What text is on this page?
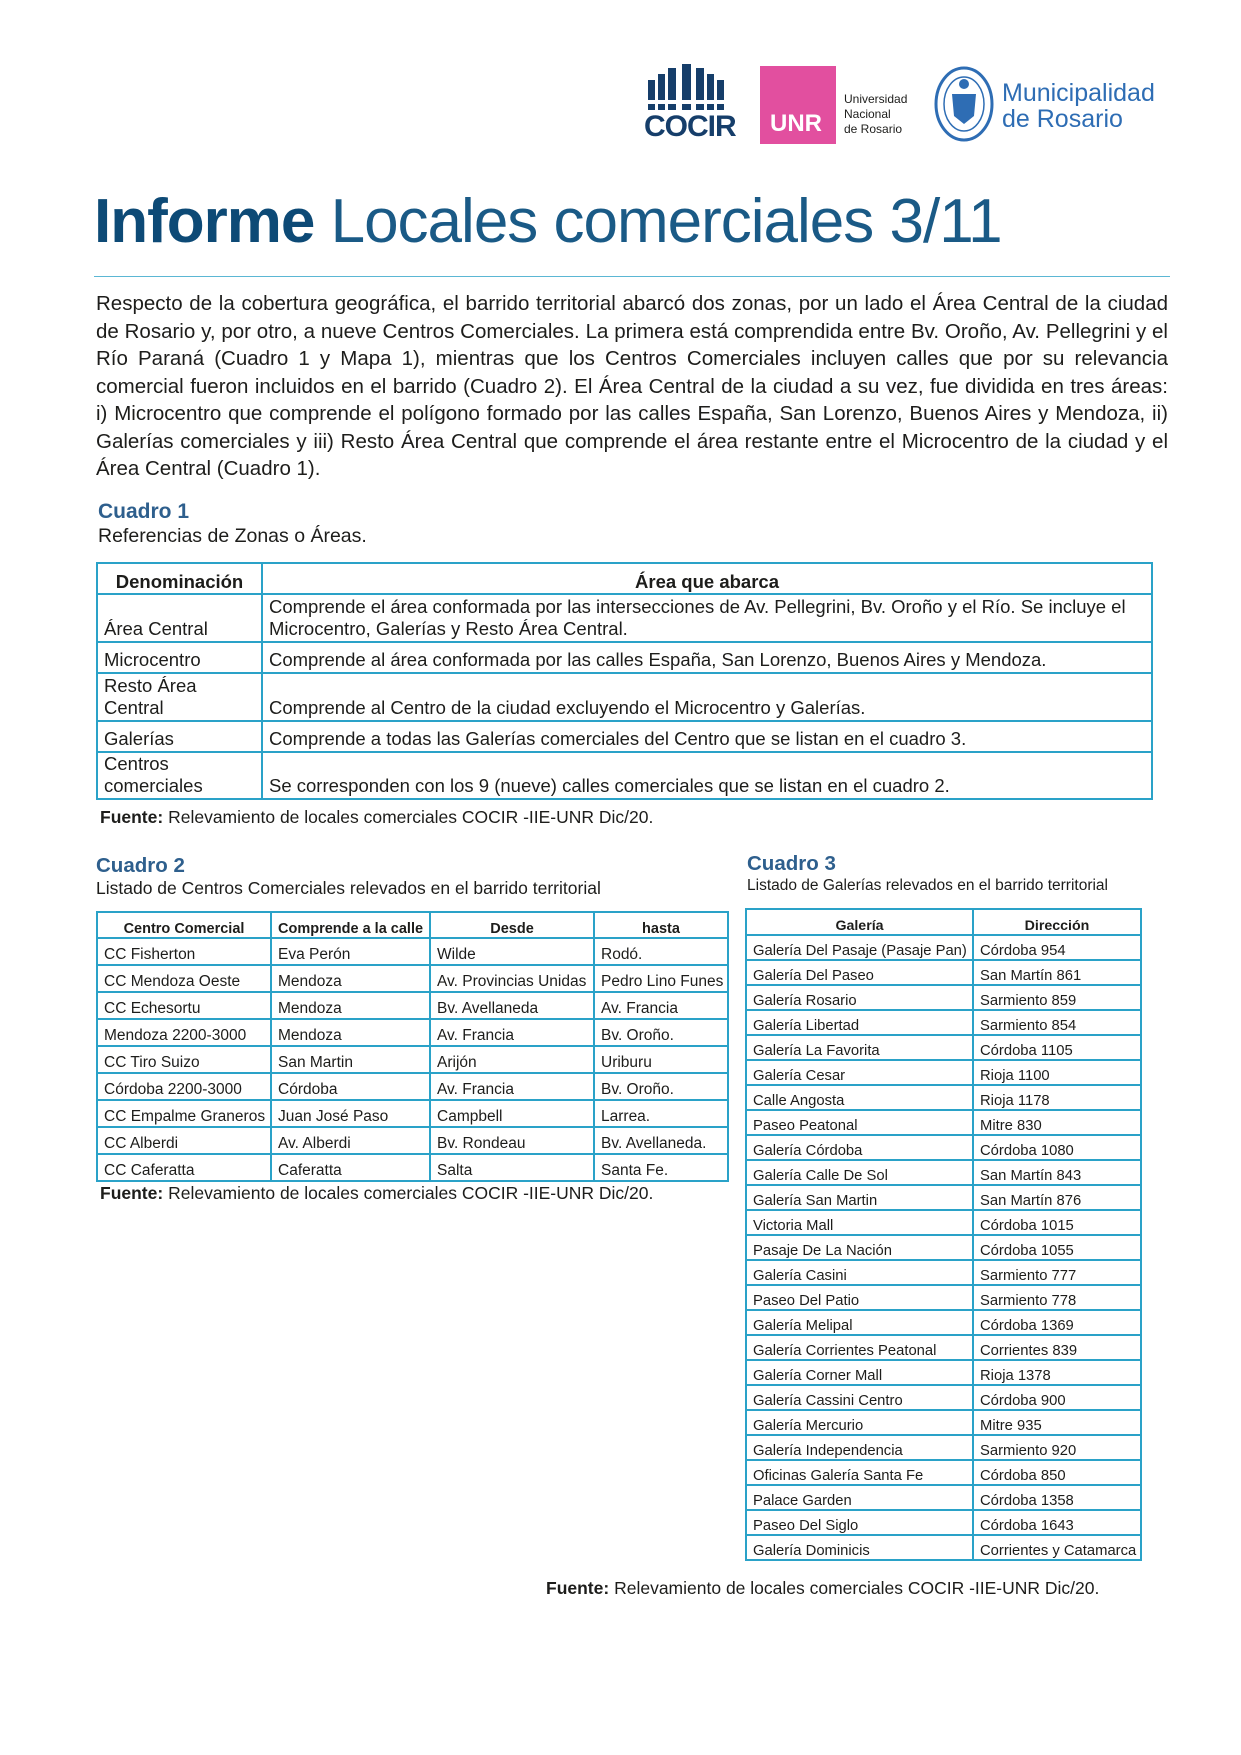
COCIR UNR
Universidad
Nacional
de Rosario
Municipalidad
de Rosario
Informe Locales comerciales 3/11
Respecto de la cobertura geográfica, el barrido territorial abarcó dos zonas, por un lado el Área Central de la ciudad de Rosario y, por otro, a nueve Centros Comerciales. La primera está comprendida entre Bv. Oroño, Av. Pellegrini y el Río Paraná (Cuadro 1 y Mapa 1), mientras que los Centros Comerciales incluyen calles que por su relevancia comercial fueron incluidos en el barrido (Cuadro 2). El Área Central de la ciudad a su vez, fue dividida en tres áreas: i) Microcentro que comprende el polígono formado por las calles España, San Lorenzo, Buenos Aires y Mendoza, ii) Galerías comerciales y iii) Resto Área Central que comprende el área restante entre el Microcentro de la ciudad y el Área Central (Cuadro 1).
Cuadro 1
Referencias de Zonas o Áreas.
Denominación	Área que abarca
Área Central	Comprende el área conformada por las intersecciones de Av. Pellegrini, Bv. Oroño y el Río. Se incluye el Microcentro, Galerías y Resto Área Central.
Microcentro	Comprende al área conformada por las calles España, San Lorenzo, Buenos Aires y Mendoza.
Resto Área Central	Comprende al Centro de la ciudad excluyendo el Microcentro y Galerías.
Galerías	Comprende a todas las Galerías comerciales del Centro que se listan en el cuadro 3.
Centros comerciales	Se corresponden con los 9 (nueve) calles comerciales que se listan en el cuadro 2.
Fuente: Relevamiento de locales comerciales COCIR -IIE-UNR Dic/20.
Cuadro 2
Listado de Centros Comerciales relevados en el barrido territorial
Centro Comercial	Comprende a la calle	Desde	hasta
CC Fisherton	Eva Perón	Wilde	Rodó.
CC Mendoza Oeste	Mendoza	Av. Provincias Unidas	Pedro Lino Funes
CC Echesortu	Mendoza	Bv. Avellaneda	Av. Francia
Mendoza 2200-3000	Mendoza	Av. Francia	Bv. Oroño.
CC Tiro Suizo	San Martin	Arijón	Uriburu
Córdoba 2200-3000	Córdoba	Av. Francia	Bv. Oroño.
CC Empalme Graneros	Juan José Paso	Campbell	Larrea.
CC Alberdi	Av. Alberdi	Bv. Rondeau	Bv. Avellaneda.
CC Caferatta	Caferatta	Salta	Santa Fe.
Fuente: Relevamiento de locales comerciales COCIR -IIE-UNR Dic/20.
Cuadro 3
Listado de Galerías relevados en el barrido territorial
Galería	Dirección
Galería Del Pasaje (Pasaje Pan)	Córdoba 954
Galería Del Paseo	San Martín 861
Galería Rosario	Sarmiento 859
Galería Libertad	Sarmiento 854
Galería La Favorita	Córdoba 1105
Galería Cesar	Rioja 1100
Calle Angosta	Rioja 1178
Paseo Peatonal	Mitre 830
Galería Córdoba	Córdoba 1080
Galería Calle De Sol	San Martín 843
Galería San Martin	San Martín 876
Victoria Mall	Córdoba 1015
Pasaje De La Nación	Córdoba 1055
Galería Casini	Sarmiento 777
Paseo Del Patio	Sarmiento 778
Galería Melipal	Córdoba 1369
Galería Corrientes Peatonal	Corrientes 839
Galería Corner Mall	Rioja 1378
Galería Cassini Centro	Córdoba 900
Galería Mercurio	Mitre 935
Galería Independencia	Sarmiento 920
Oficinas Galería Santa Fe	Córdoba 850
Palace Garden	Córdoba 1358
Paseo Del Siglo	Córdoba 1643
Galería Dominicis	Corrientes y Catamarca
Fuente: Relevamiento de locales comerciales COCIR -IIE-UNR Dic/20.
